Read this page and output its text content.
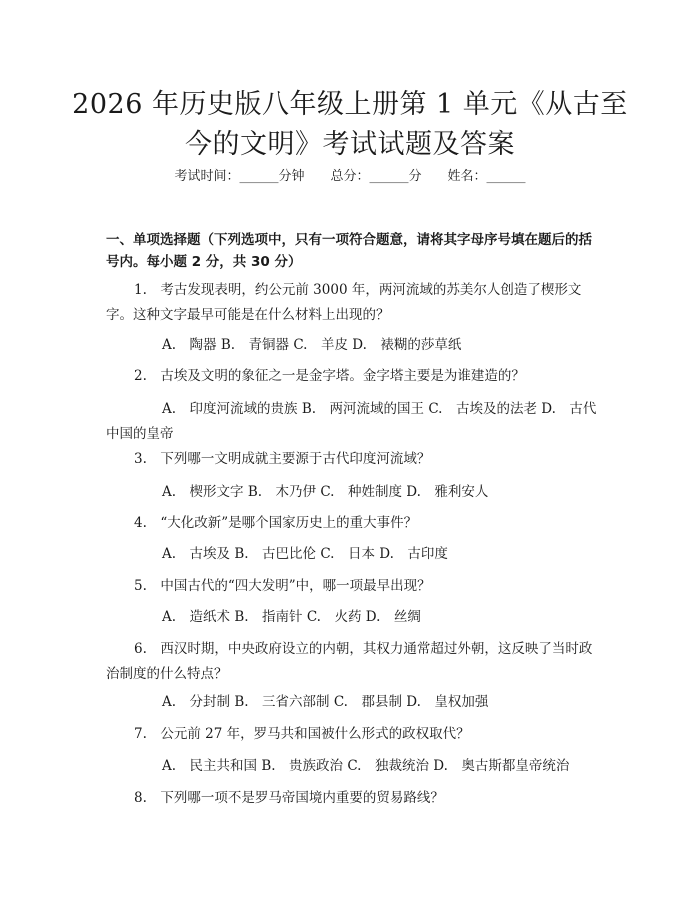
2026 年历史版八年级上册第 1 单元《从古至
今的文明》考试试题及答案
考试时间：______分钟 总分：______分 姓名：______
一、单项选择题（下列选项中，只有一项符合题意，请将其字母序号填在题后的括号内。每小题 2 分，共 30 分）
1.　考古发现表明，约公元前 3000 年，两河流域的苏美尔人创造了楔形文字。这种文字最早可能是在什么材料上出现的？
A.　陶器 B.　青铜器 C.　羊皮 D.　裱糊的莎草纸
2.　古埃及文明的象征之一是金字塔。金字塔主要是为谁建造的？
A.　印度河流域的贵族 B.　两河流域的国王 C.　古埃及的法老 D.　古代中国的皇帝
3.　下列哪一文明成就主要源于古代印度河流域？
A.　楔形文字 B.　木乃伊 C.　种姓制度 D.　雅利安人
4.　“大化改新”是哪个国家历史上的重大事件？
A.　古埃及 B.　古巴比伦 C.　日本 D.　古印度
5.　中国古代的“四大发明”中，哪一项最早出现？
A.　造纸术 B.　指南针 C.　火药 D.　丝绸
6.　西汉时期，中央政府设立的内朝，其权力通常超过外朝，这反映了当时政治制度的什么特点？
A.　分封制 B.　三省六部制 C.　郡县制 D.　皇权加强
7.　公元前 27 年，罗马共和国被什么形式的政权取代？
A.　民主共和国 B.　贵族政治 C.　独裁统治 D.　奥古斯都皇帝统治
8.　下列哪一项不是罗马帝国境内重要的贸易路线？
